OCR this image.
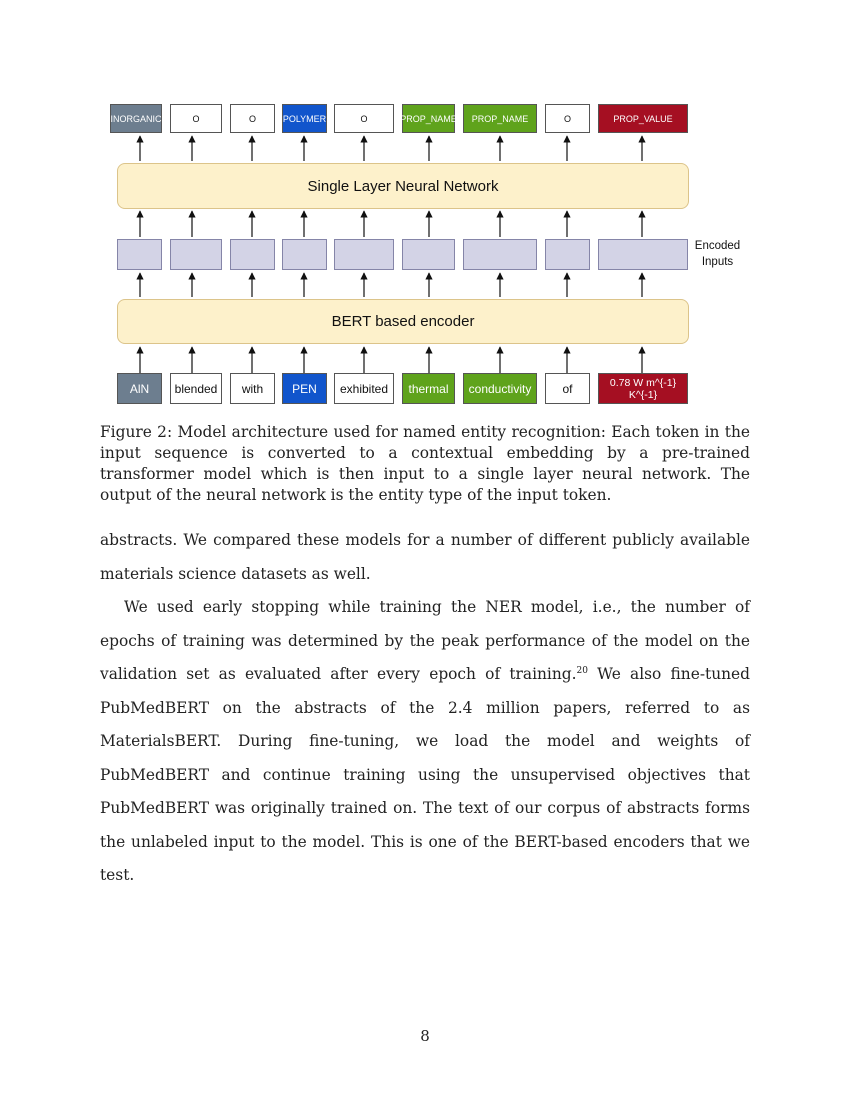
INORGANIC	O	O	POLYMER	O	PROP_NAME PROP_NAME	O	PROP_VALUE
Single Layer Neural Network
Encoded
Inputs
BERT based encoder
AlN blended with PEN exhibited thermal conductivity	of	0.78 W m^{-1} K^{-1}
Figure 2: Model architecture used for named entity recognition: Each token in the input sequence is converted to a contextual embedding by a pre-trained transformer model which is then input to a single layer neural network. The output of the neural network is the entity type of the input token.
abstracts. We compared these models for a number of different publicly available materials science datasets as well.
We used early stopping while training the NER model, i.e., the number of epochs of training was determined by the peak performance of the model on the validation set as evaluated after every epoch of training.$^{20}$ We also fine-tuned PubMedBERT on the abstracts of the 2.4 million papers, referred to as MaterialsBERT. During fine-tuning, we load the model and weights of PubMedBERT and continue training using the unsupervised objectives that PubMedBERT was originally trained on. The text of our corpus of abstracts forms the unlabeled input to the model. This is one of the BERT-based encoders that we test.
8
